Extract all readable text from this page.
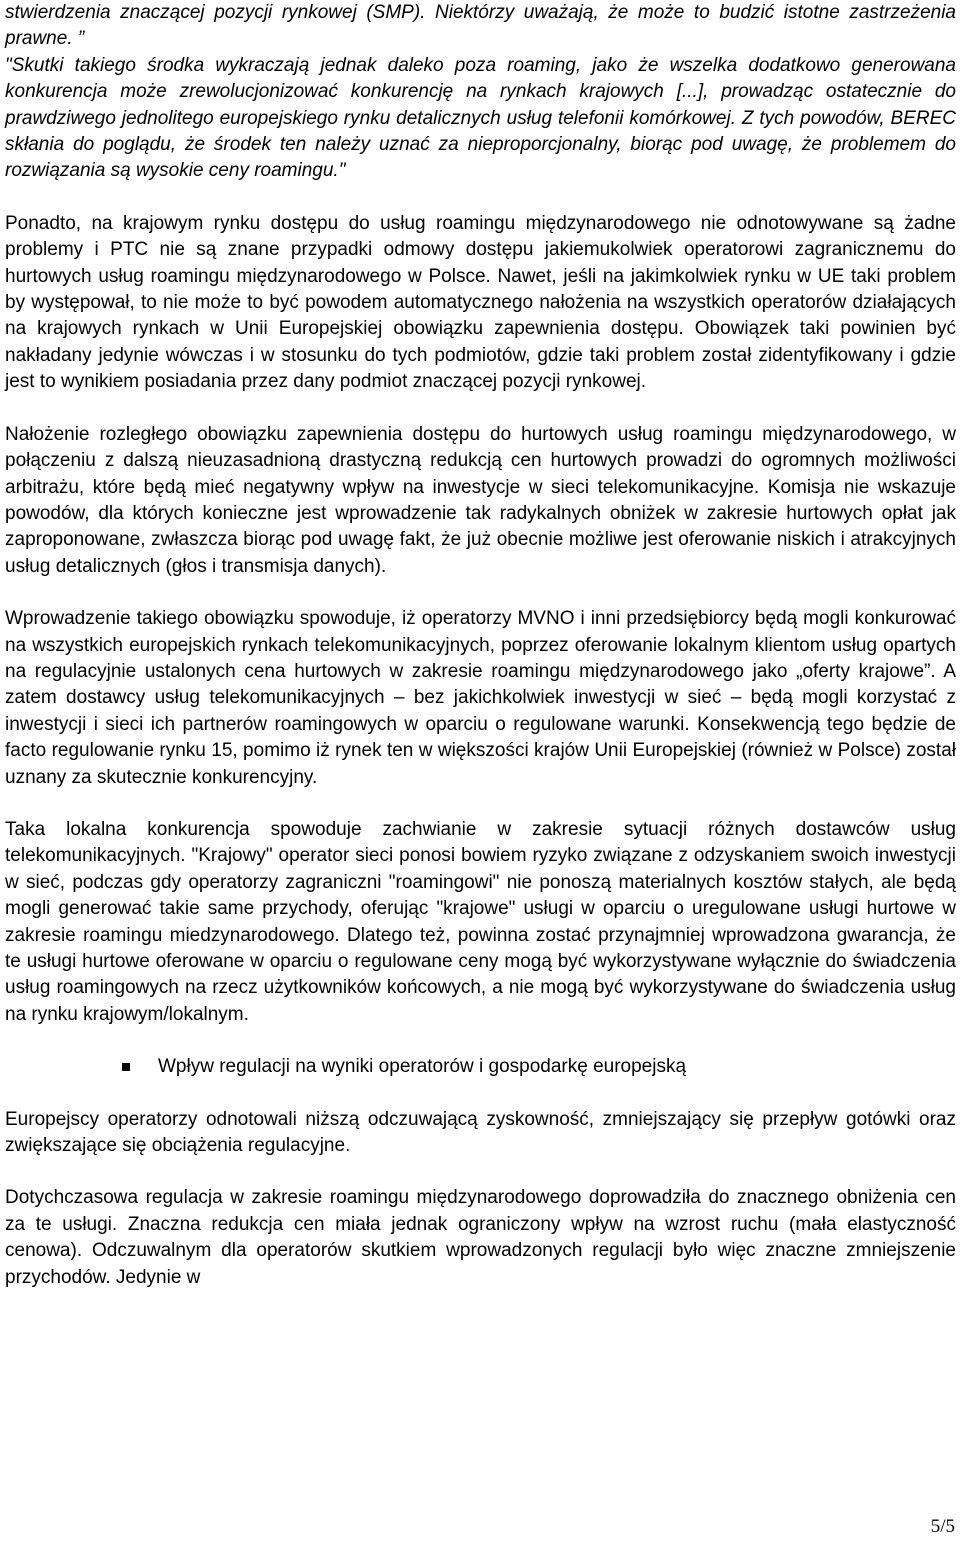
stwierdzenia znaczącej pozycji rynkowej (SMP). Niektórzy uważają, że może to budzić istotne zastrzeżenia prawne. ”
"Skutki takiego środka wykraczają jednak daleko poza roaming, jako że wszelka dodatkowo generowana konkurencja może zrewolucjonizować konkurencję na rynkach krajowych [...], prowadząc ostatecznie do prawdziwego jednolitego europejskiego rynku detalicznych usług telefonii komórkowej. Z tych powodów, BEREC skłania do poglądu, że środek ten należy uznać za nieproporcjonalny, biorąc pod uwagę, że problemem do rozwiązania są wysokie ceny roamingu."

Ponadto, na krajowym rynku dostępu do usług roamingu międzynarodowego nie odnotowywane są żadne problemy i PTC nie są znane przypadki odmowy dostępu jakiemukolwiek operatorowi zagranicznemu do hurtowych usług roamingu międzynarodowego w Polsce. Nawet, jeśli na jakimkolwiek rynku w UE taki problem by występował, to nie może to być powodem automatycznego nałożenia na wszystkich operatorów działających na krajowych rynkach w Unii Europejskiej obowiązku zapewnienia dostępu. Obowiązek taki powinien być nakładany jedynie wówczas i w stosunku do tych podmiotów, gdzie taki problem został zidentyfikowany i gdzie jest to wynikiem posiadania przez dany podmiot znaczącej pozycji rynkowej.

Nałożenie rozległego obowiązku zapewnienia dostępu do hurtowych usług roamingu międzynarodowego, w połączeniu z dalszą nieuzasadnioną drastyczną redukcją cen hurtowych prowadzi do ogromnych możliwości arbitrażu, które będą mieć negatywny wpływ na inwestycje w sieci telekomunikacyjne. Komisja nie wskazuje powodów, dla których konieczne jest wprowadzenie tak radykalnych obniżek w zakresie hurtowych opłat jak zaproponowane, zwłaszcza biorąc pod uwagę fakt, że już obecnie możliwe jest oferowanie niskich i atrakcyjnych usług detalicznych (głos i transmisja danych).

Wprowadzenie takiego obowiązku spowoduje, iż operatorzy MVNO i inni przedsiębiorcy będą mogli konkurować na wszystkich europejskich rynkach telekomunikacyjnych, poprzez oferowanie lokalnym klientom usług opartych na regulacyjnie ustalonych cena hurtowych w zakresie roamingu międzynarodowego jako „oferty krajowe”. A zatem dostawcy usług telekomunikacyjnych – bez jakichkolwiek inwestycji w sieć – będą mogli korzystać z inwestycji i sieci ich partnerów roamingowych w oparciu o regulowane warunki. Konsekwencją tego będzie de facto regulowanie rynku 15, pomimo iż rynek ten w większości krajów Unii Europejskiej (również w Polsce) został uznany za skutecznie konkurencyjny.

Taka lokalna konkurencja spowoduje zachwianie w zakresie sytuacji różnych dostawców usług telekomunikacyjnych. "Krajowy" operator sieci ponosi bowiem ryzyko związane z odzyskaniem swoich inwestycji w sieć, podczas gdy operatorzy zagraniczni "roamingowi" nie ponoszą materialnych kosztów stałych, ale będą mogli generować takie same przychody, oferując "krajowe" usługi w oparciu o uregulowane usługi hurtowe w zakresie roamingu miedzynarodowego. Dlatego też, powinna zostać przynajmniej wprowadzona gwarancja, że te usługi hurtowe oferowane w oparciu o regulowane ceny mogą być wykorzystywane wyłącznie do świadczenia usług roamingowych na rzecz użytkowników końcowych, a nie mogą być wykorzystywane do świadczenia usług na rynku krajowym/lokalnym.

Wpływ regulacji na wyniki operatorów i gospodarkę europejską

Europejscy operatorzy odnotowali niższą odczuwającą zyskowność, zmniejszający się przepływ gotówki oraz zwiększające się obciążenia regulacyjne.

Dotychczasowa regulacja w zakresie roamingu międzynarodowego doprowadziła do znacznego obniżenia cen za te usługi. Znaczna redukcja cen miała jednak ograniczony wpływ na wzrost ruchu (mała elastyczność cenowa). Odczuwalnym dla operatorów skutkiem wprowadzonych regulacji było więc znaczne zmniejszenie przychodów. Jedynie w

5/5
